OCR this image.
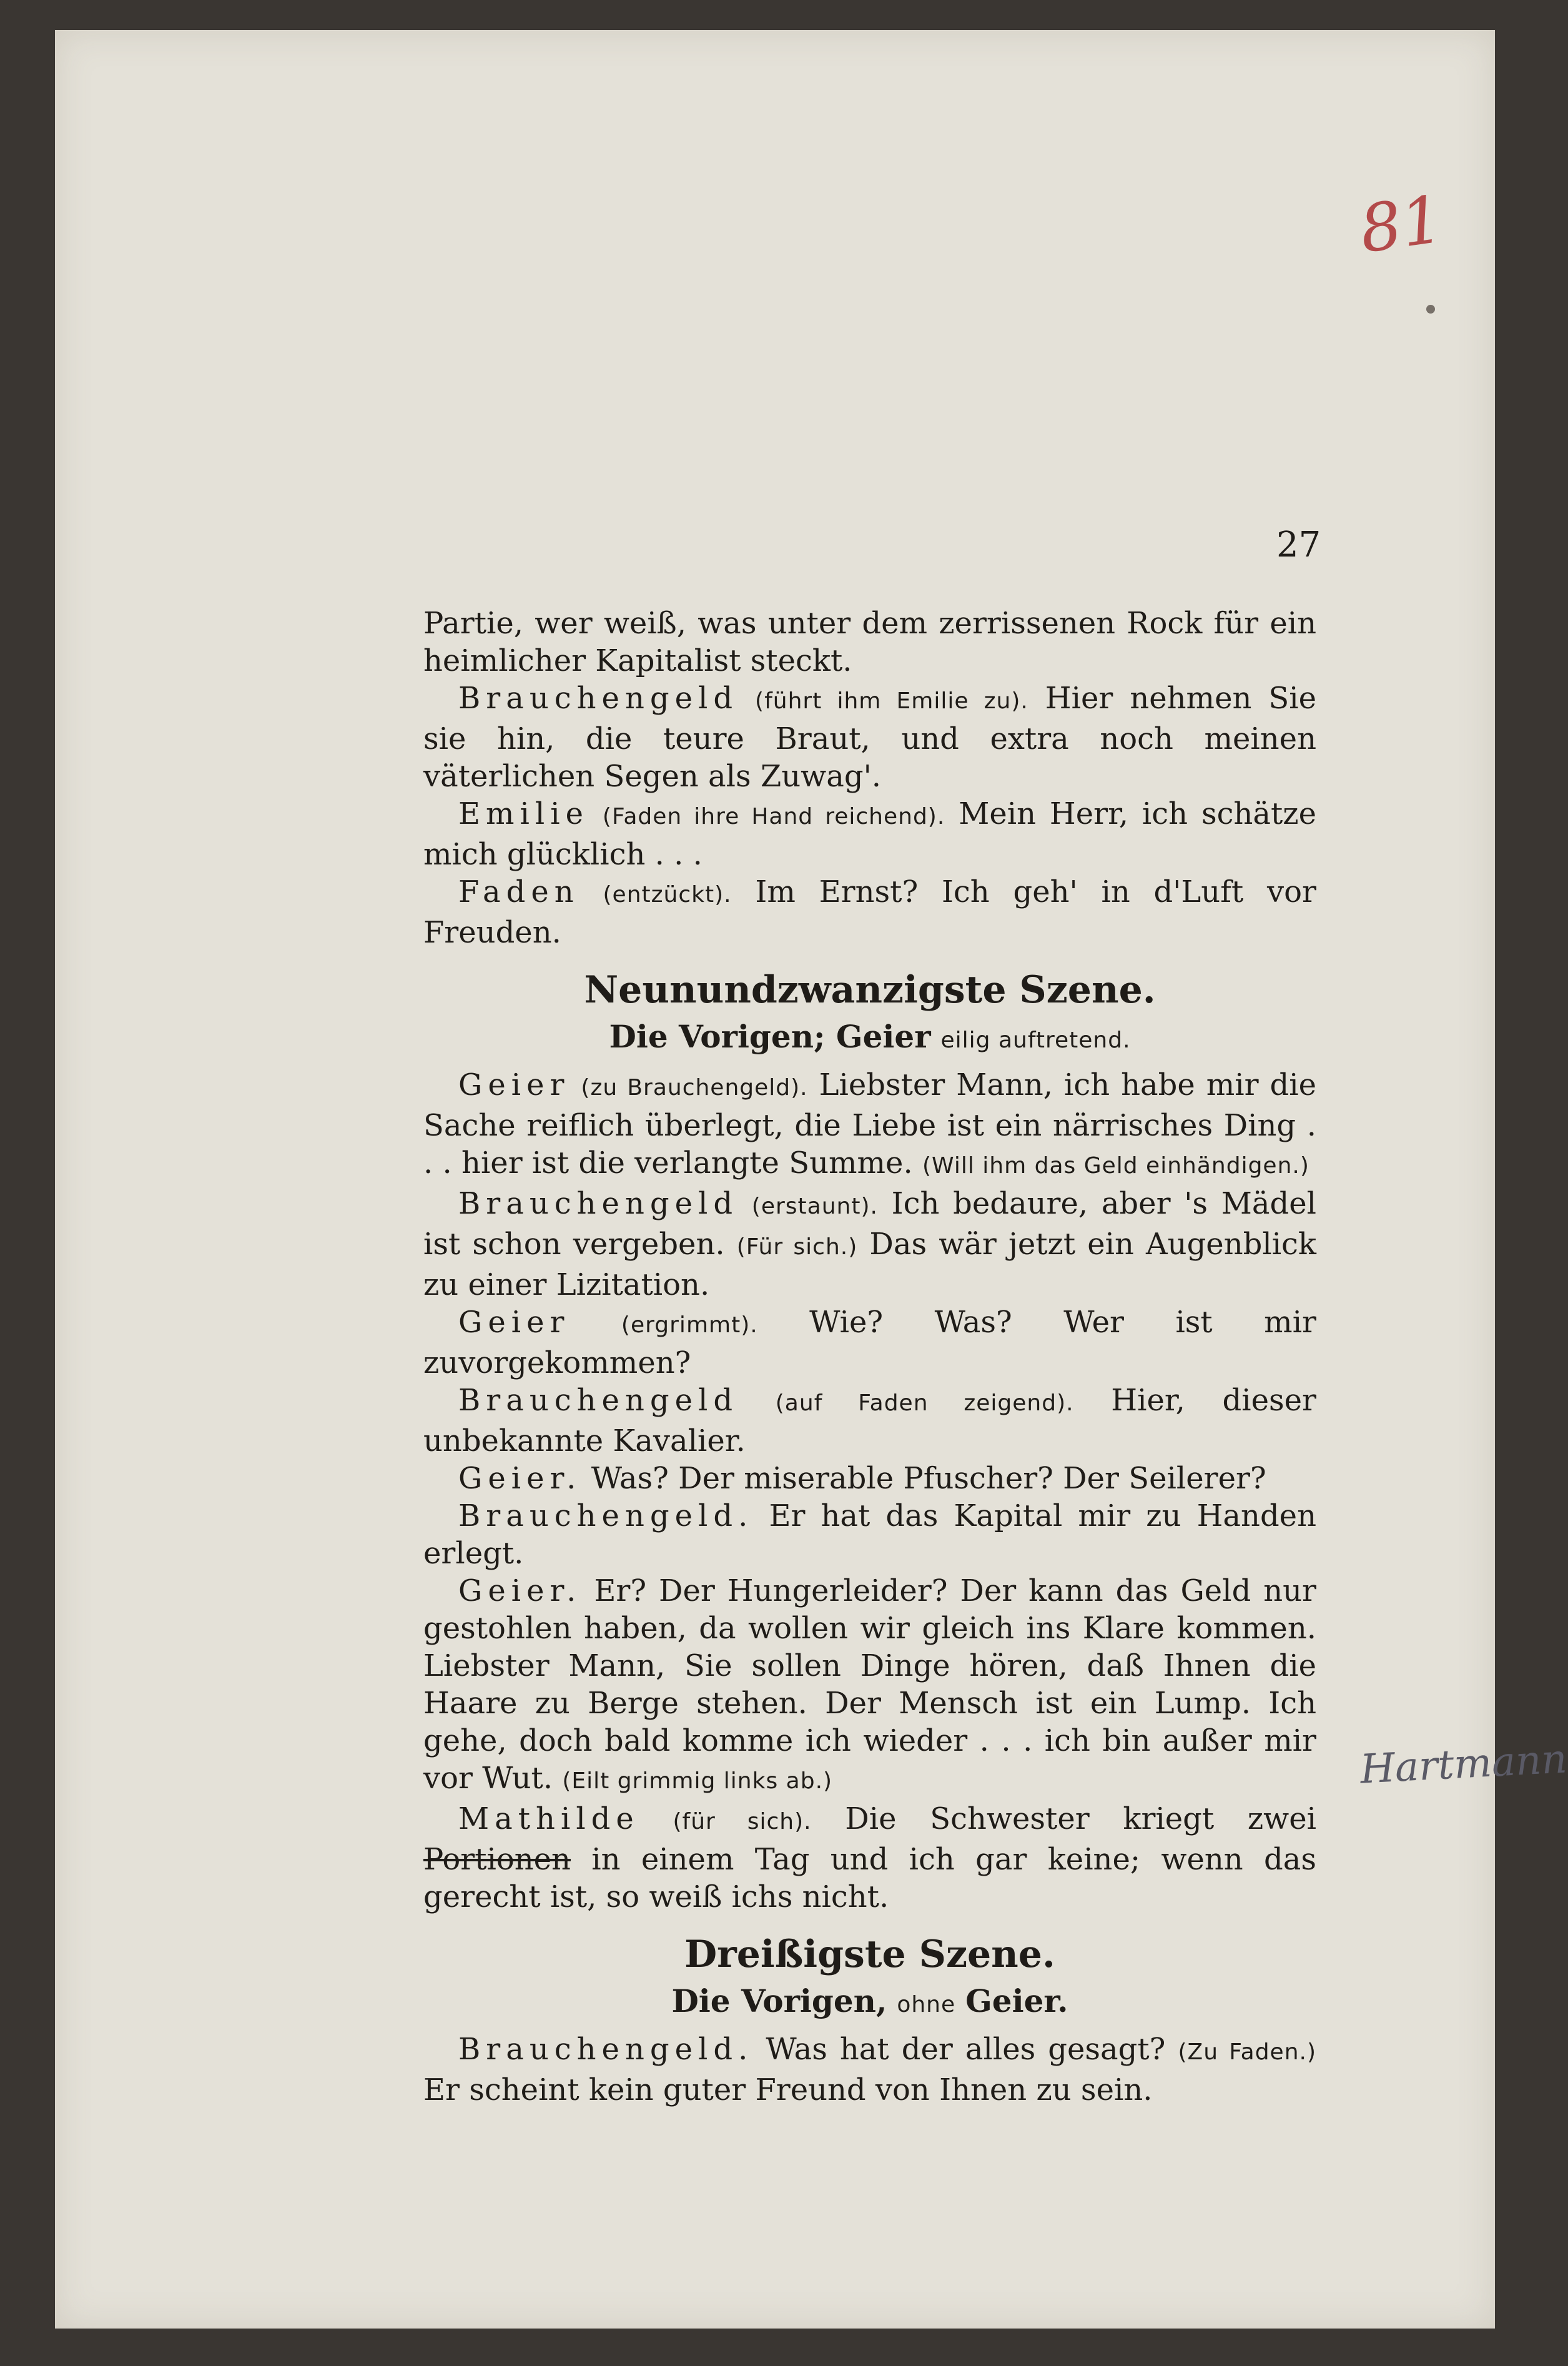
81
27

Partie, wer weiß, was unter dem zerrissenen Rock für ein heimlicher Kapitalist steckt.

Brauchengeld (führt ihm Emilie zu). Hier nehmen Sie sie hin, die teure Braut, und extra noch meinen väterlichen Segen als Zuwag'.

Emilie (Faden ihre Hand reichend). Mein Herr, ich schätze mich glücklich . . .

Faden (entzückt). Im Ernst? Ich geh' in d'Luft vor Freuden.

Neunundzwanzigste Szene.

Die Vorigen; Geier eilig auftretend.

Geier (zu Brauchengeld). Liebster Mann, ich habe mir die Sache reiflich überlegt, die Liebe ist ein närrisches Ding . . . hier ist die verlangte Summe. (Will ihm das Geld einhändigen.)

Brauchengeld (erstaunt). Ich bedaure, aber 's Mädel ist schon vergeben. (Für sich.) Das wär jetzt ein Augenblick zu einer Lizitation.

Geier (ergrimmt). Wie? Was? Wer ist mir zuvorgekommen?

Brauchengeld (auf Faden zeigend). Hier, dieser unbekannte Kavalier.

Geier. Was? Der miserable Pfuscher? Der Seilerer?

Brauchengeld. Er hat das Kapital mir zu Handen erlegt.

Geier. Er? Der Hungerleider? Der kann das Geld nur gestohlen haben, da wollen wir gleich ins Klare kommen. Liebster Mann, Sie sollen Dinge hören, daß Ihnen die Haare zu Berge stehen. Der Mensch ist ein Lump. Ich gehe, doch bald komme ich wieder . . . ich bin außer mir vor Wut. (Eilt grimmig links ab.)

Mathilde (für sich). Die Schwester kriegt zwei Portionen in einem Tag und ich gar keine; wenn das gerecht ist, so weiß ichs nicht.

Dreißigste Szene.

Die Vorigen, ohne Geier.

Brauchengeld. Was hat der alles gesagt? (Zu Faden.) Er scheint kein guter Freund von Ihnen zu sein.

Hartmann
